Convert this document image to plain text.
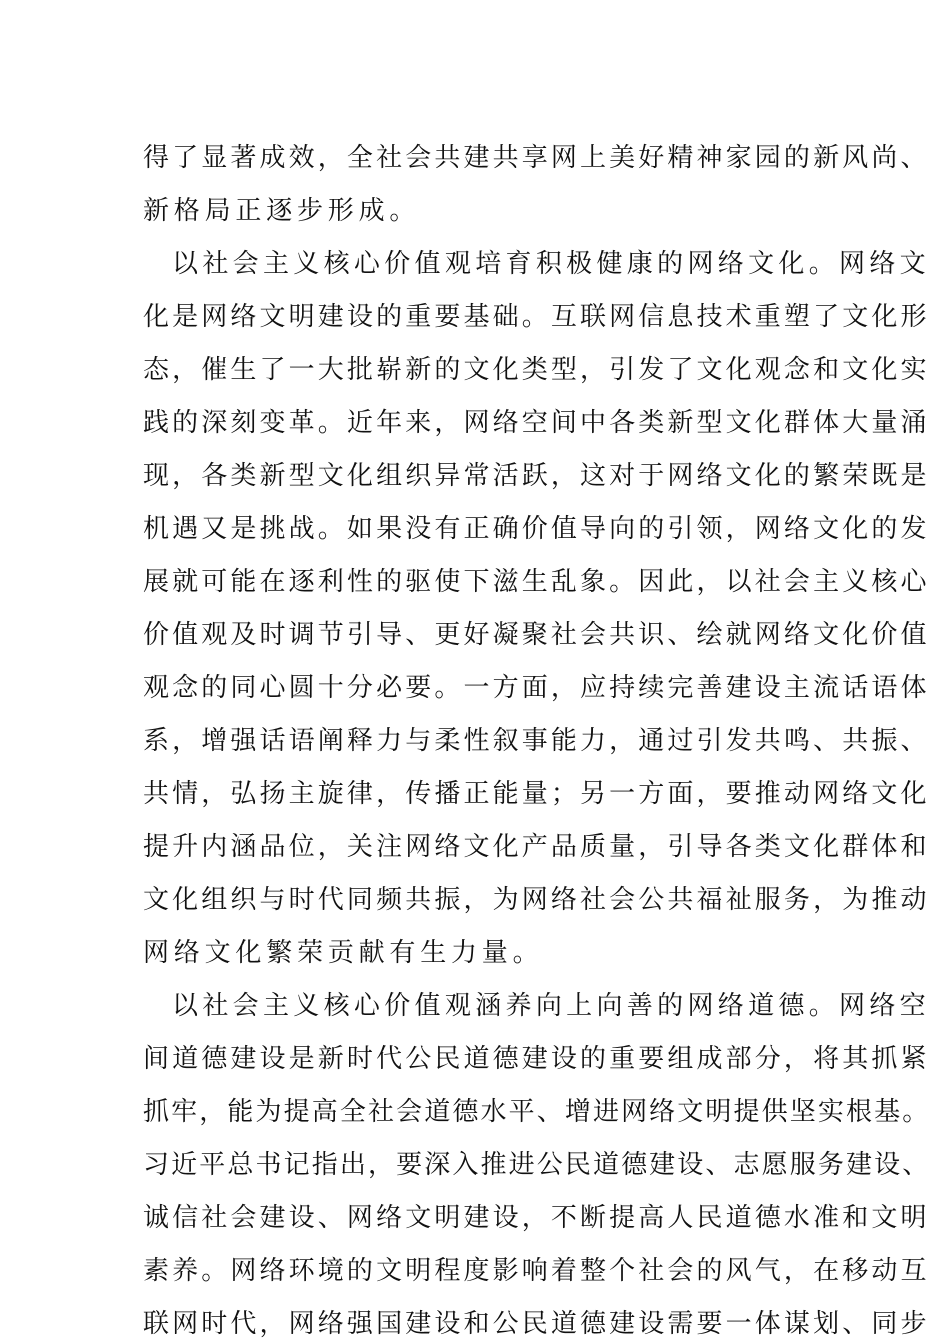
得了显著成效，全社会共建共享网上美好精神家园的新风尚、
新格局正逐步形成。
以社会主义核心价值观培育积极健康的网络文化。网络文
化是网络文明建设的重要基础。互联网信息技术重塑了文化形
态，催生了一大批崭新的文化类型，引发了文化观念和文化实
践的深刻变革。近年来，网络空间中各类新型文化群体大量涌
现，各类新型文化组织异常活跃，这对于网络文化的繁荣既是
机遇又是挑战。如果没有正确价值导向的引领，网络文化的发
展就可能在逐利性的驱使下滋生乱象。因此，以社会主义核心
价值观及时调节引导、更好凝聚社会共识、绘就网络文化价值
观念的同心圆十分必要。一方面，应持续完善建设主流话语体
系，增强话语阐释力与柔性叙事能力，通过引发共鸣、共振、
共情，弘扬主旋律，传播正能量；另一方面，要推动网络文化
提升内涵品位，关注网络文化产品质量，引导各类文化群体和
文化组织与时代同频共振，为网络社会公共福祉服务，为推动
网络文化繁荣贡献有生力量。
以社会主义核心价值观涵养向上向善的网络道德。网络空
间道德建设是新时代公民道德建设的重要组成部分，将其抓紧
抓牢，能为提高全社会道德水平、增进网络文明提供坚实根基。
习近平总书记指出，要深入推进公民道德建设、志愿服务建设、
诚信社会建设、网络文明建设，不断提高人民道德水准和文明
素养。网络环境的文明程度影响着整个社会的风气，在移动互
联网时代，网络强国建设和公民道德建设需要一体谋划、同步
